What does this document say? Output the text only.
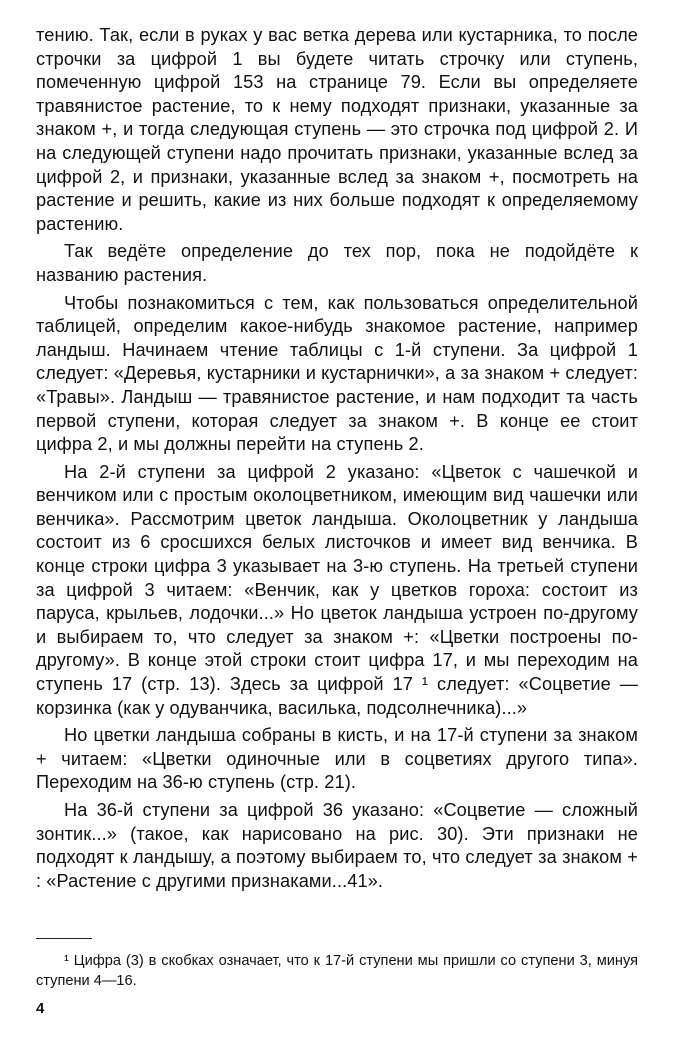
тению. Так, если в руках у вас ветка дерева или кустарника, то после строчки за цифрой 1 вы будете читать строчку или ступень, помеченную цифрой 153 на странице 79. Если вы определяете травянистое растение, то к нему подходят признаки, указанные за знаком +, и тогда следующая ступень — это строчка под цифрой 2. И на следующей ступени надо прочитать признаки, указанные вслед за цифрой 2, и признаки, указанные вслед за знаком +, посмотреть на растение и решить, какие из них больше подходят к определяемому растению.

Так ведёте определение до тех пор, пока не подойдёте к названию растения.

Чтобы познакомиться с тем, как пользоваться определительной таблицей, определим какое-нибудь знакомое растение, например ландыш. Начинаем чтение таблицы с 1-й ступени. За цифрой 1 следует: «Деревья, кустарники и кустарнички», а за знаком + следует: «Травы». Ландыш — травянистое растение, и нам подходит та часть первой ступени, которая следует за знаком +. В конце ее стоит цифра 2, и мы должны перейти на ступень 2.

На 2-й ступени за цифрой 2 указано: «Цветок с чашечкой и венчиком или с простым околоцветником, имеющим вид чашечки или венчика». Рассмотрим цветок ландыша. Околоцветник у ландыша состоит из 6 сросшихся белых листочков и имеет вид венчика. В конце строки цифра 3 указывает на 3-ю ступень. На третьей ступени за цифрой 3 читаем: «Венчик, как у цветков гороха: состоит из паруса, крыльев, лодочки...» Но цветок ландыша устроен по-другому и выбираем то, что следует за знаком +: «Цветки построены по-другому». В конце этой строки стоит цифра 17, и мы переходим на ступень 17 (стр. 13). Здесь за цифрой 17 ¹ следует: «Соцветие — корзинка (как у одуванчика, василька, подсолнечника)...»

Но цветки ландыша собраны в кисть, и на 17-й ступени за знаком + читаем: «Цветки одиночные или в соцветиях другого типа». Переходим на 36-ю ступень (стр. 21).

На 36-й ступени за цифрой 36 указано: «Соцветие — сложный зонтик...» (такое, как нарисовано на рис. 30). Эти признаки не подходят к ландышу, а поэтому выбираем то, что следует за знаком + : «Растение с другими признаками...41».

¹ Цифра (3) в скобках означает, что к 17-й ступени мы пришли со ступени 3, минуя ступени 4—16.

4
